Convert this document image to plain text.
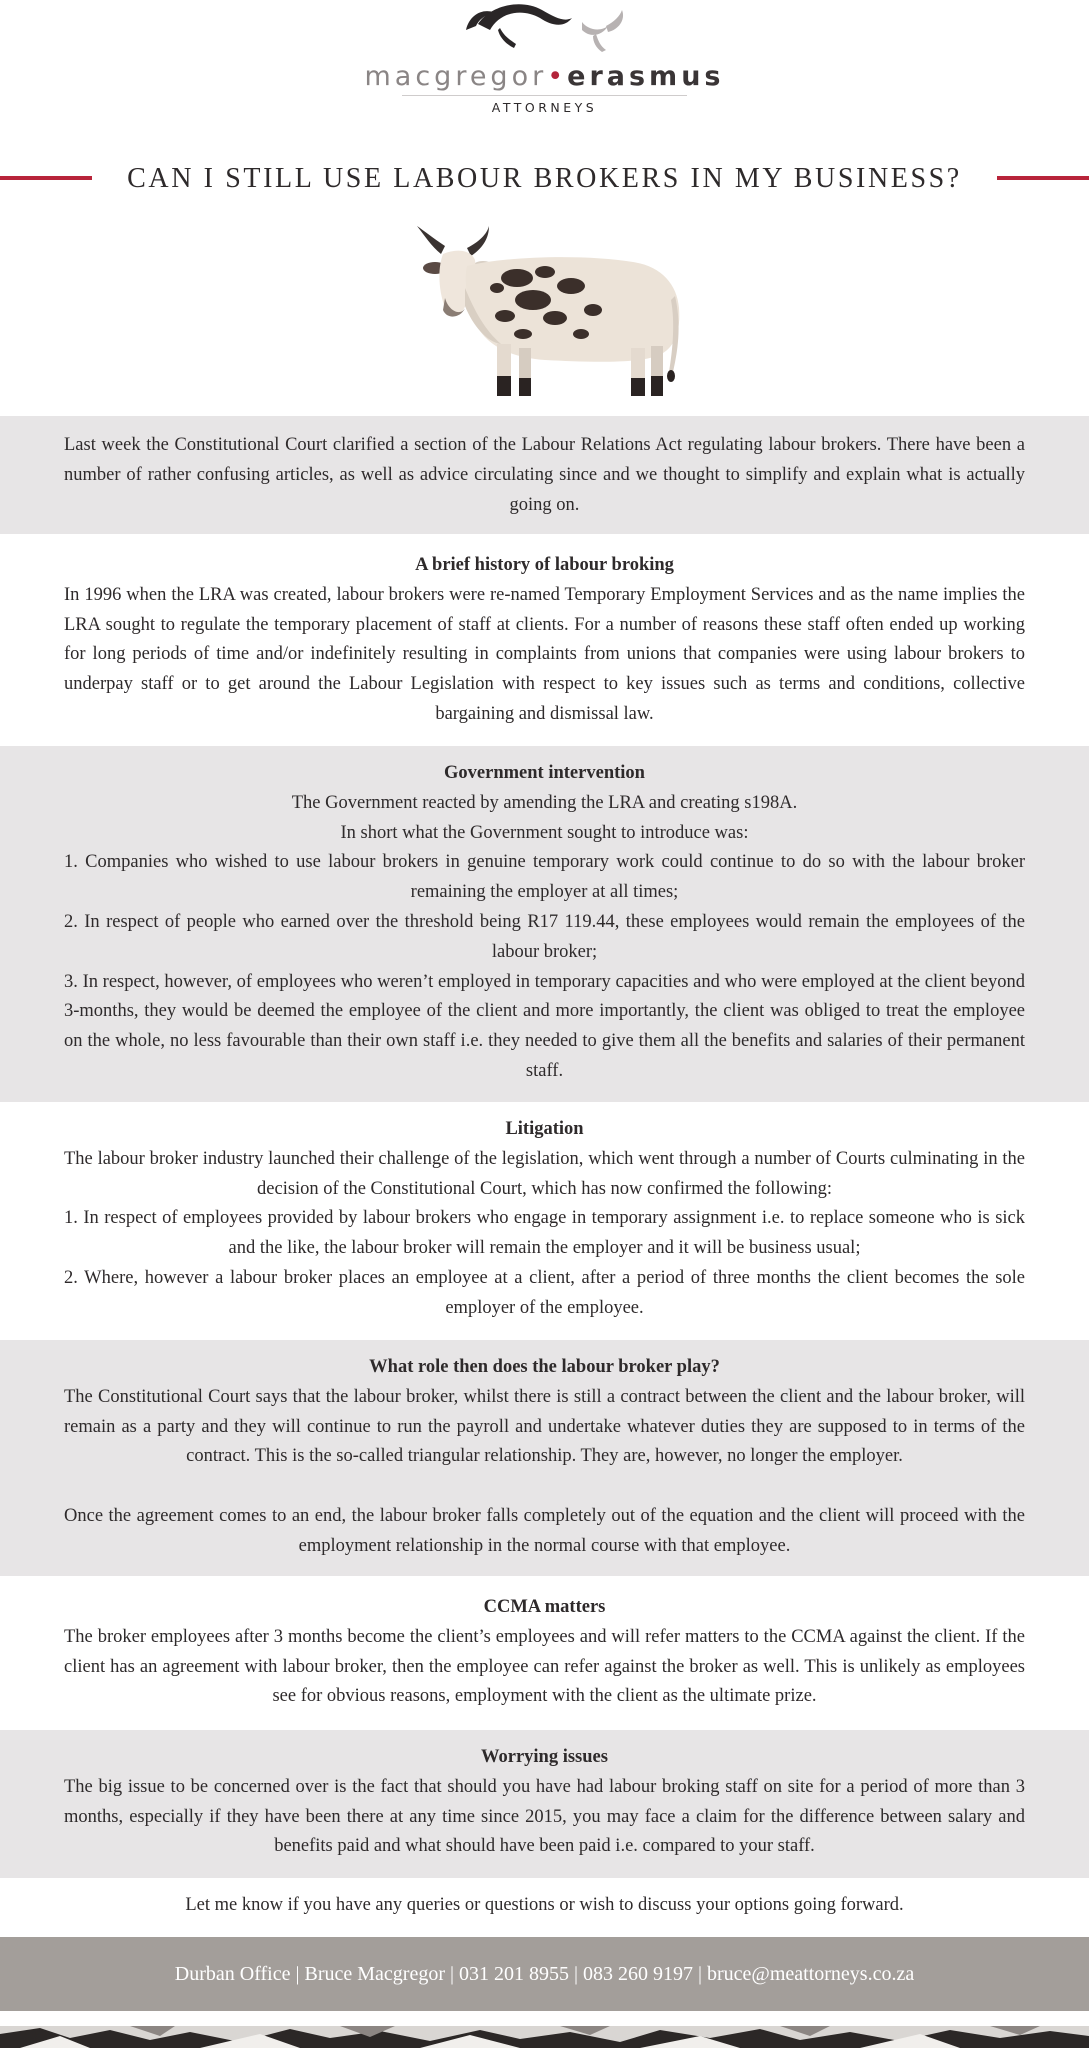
macgregor•erasmus
ATTORNEYS
CAN I STILL USE LABOUR BROKERS IN MY BUSINESS?

Last week the Constitutional Court clarified a section of the Labour Relations Act regulating labour brokers. There have been a number of rather confusing articles, as well as advice circulating since and we thought to simplify and explain what is actually going on.

A brief history of labour broking

In 1996 when the LRA was created, labour brokers were re-named Temporary Employment Services and as the name implies the LRA sought to regulate the temporary placement of staff at clients. For a number of reasons these staff often ended up working for long periods of time and/or indefinitely resulting in complaints from unions that companies were using labour brokers to underpay staff or to get around the Labour Legislation with respect to key issues such as terms and conditions, collective bargaining and dismissal law.

Government intervention

The Government reacted by amending the LRA and creating s198A.

In short what the Government sought to introduce was:

1. Companies who wished to use labour brokers in genuine temporary work could continue to do so with the labour broker remaining the employer at all times;

2. In respect of people who earned over the threshold being R17 119.44, these employees would remain the employees of the labour broker;

3. In respect, however, of employees who weren’t employed in temporary capacities and who were employed at the client beyond 3-months, they would be deemed the employee of the client and more importantly, the client was obliged to treat the employee on the whole, no less favourable than their own staff i.e. they needed to give them all the benefits and salaries of their permanent staff.

Litigation

The labour broker industry launched their challenge of the legislation, which went through a number of Courts culminating in the decision of the Constitutional Court, which has now confirmed the following:

1. In respect of employees provided by labour brokers who engage in temporary assignment i.e. to replace someone who is sick and the like, the labour broker will remain the employer and it will be business usual;

2. Where, however a labour broker places an employee at a client, after a period of three months the client becomes the sole employer of the employee.

What role then does the labour broker play?

The Constitutional Court says that the labour broker, whilst there is still a contract between the client and the labour broker, will remain as a party and they will continue to run the payroll and undertake whatever duties they are supposed to in terms of the contract. This is the so-called triangular relationship. They are, however, no longer the employer.

Once the agreement comes to an end, the labour broker falls completely out of the equation and the client will proceed with the employment relationship in the normal course with that employee.

CCMA matters

The broker employees after 3 months become the client’s employees and will refer matters to the CCMA against the client. If the client has an agreement with labour broker, then the employee can refer against the broker as well. This is unlikely as employees see for obvious reasons, employment with the client as the ultimate prize.

Worrying issues

The big issue to be concerned over is the fact that should you have had labour broking staff on site for a period of more than 3 months, especially if they have been there at any time since 2015, you may face a claim for the difference between salary and benefits paid and what should have been paid i.e. compared to your staff.

Let me know if you have any queries or questions or wish to discuss your options going forward.

Durban Office | Bruce Macgregor | 031 201 8955 | 083 260 9197 | bruce@meattorneys.co.za
